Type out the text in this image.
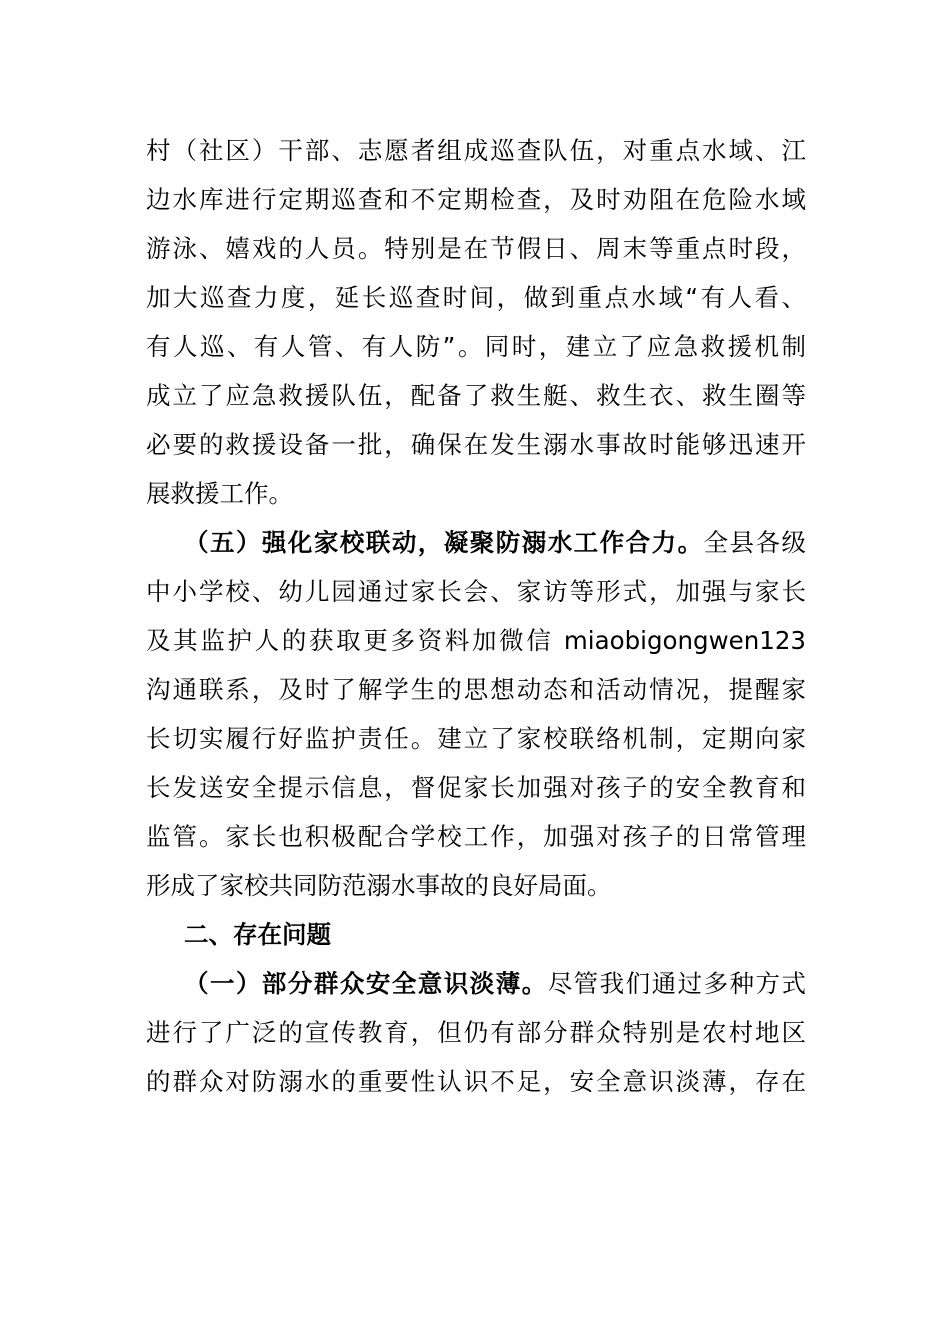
村（社区）干部、志愿者组成巡查队伍，对重点水域、江
边水库进行定期巡查和不定期检查，及时劝阻在危险水域
游泳、嬉戏的人员。特别是在节假日、周末等重点时段，
加大巡查力度，延长巡查时间，做到重点水域“有人看、
有人巡、有人管、有人防”。同时，建立了应急救援机制
成立了应急救援队伍，配备了救生艇、救生衣、救生圈等
必要的救援设备一批，确保在发生溺水事故时能够迅速开
展救援工作。
（五）强化家校联动，凝聚防溺水工作合力。全县各级
中小学校、幼儿园通过家长会、家访等形式，加强与家长
及其监护人的获取更多资料加微信 miaobigongwen123
沟通联系，及时了解学生的思想动态和活动情况，提醒家
长切实履行好监护责任。建立了家校联络机制，定期向家
长发送安全提示信息，督促家长加强对孩子的安全教育和
监管。家长也积极配合学校工作，加强对孩子的日常管理
形成了家校共同防范溺水事故的良好局面。
二、存在问题
（一）部分群众安全意识淡薄。尽管我们通过多种方式
进行了广泛的宣传教育，但仍有部分群众特别是农村地区
的群众对防溺水的重要性认识不足，安全意识淡薄，存在
